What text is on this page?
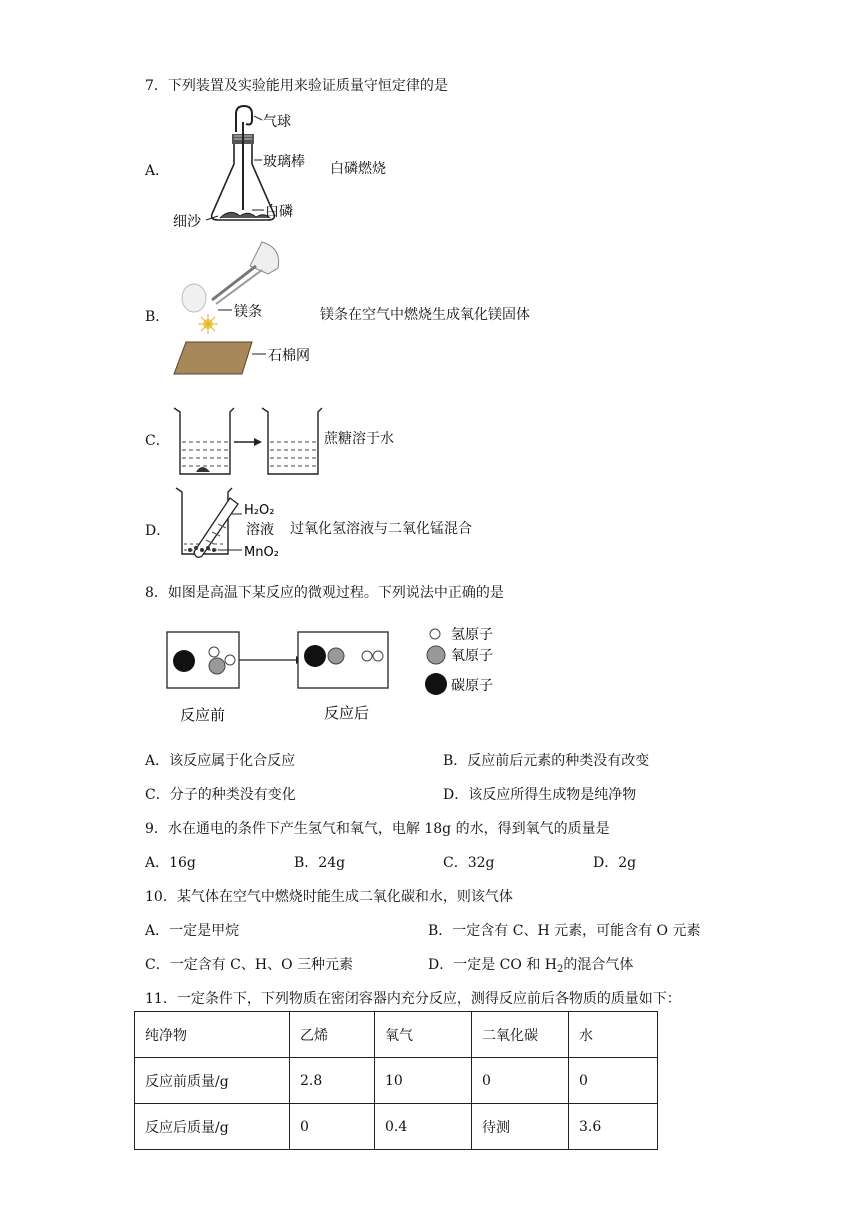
7．下列装置及实验能用来验证质量守恒定律的是
A．
气球
玻璃棒
白磷
细沙
白磷燃烧
B．	镁条
石棉网
镁条在空气中燃烧生成氧化镁固体
C．	蔗糖溶于水
D．
H₂O₂
溶液
MnO₂
过氧化氢溶液与二氧化锰混合
8．如图是高温下某反应的微观过程。下列说法中正确的是
反应前	反应后
氢原子
氧原子
碳原子
A．该反应属于化合反应	B．反应前后元素的种类没有改变
C．分子的种类没有变化	D．该反应所得生成物是纯净物
9．水在通电的条件下产生氢气和氧气，电解 18g 的水，得到氧气的质量是
A．16g	B．24g	C．32g	D．2g
10．某气体在空气中燃烧时能生成二氧化碳和水，则该气体
A．一定是甲烷	B．一定含有 C、H 元素，可能含有 O 元素
C．一定含有 C、H、O 三种元素	D．一定是 CO 和 $H_2$的混合气体
11．一定条件下，下列物质在密闭容器内充分反应，测得反应前后各物质的质量如下：
纯净物	乙烯	氧气	二氧化碳	水
反应前质量/g	2.8	10	0	0
反应后质量/g	0	0.4	待测	3.6
